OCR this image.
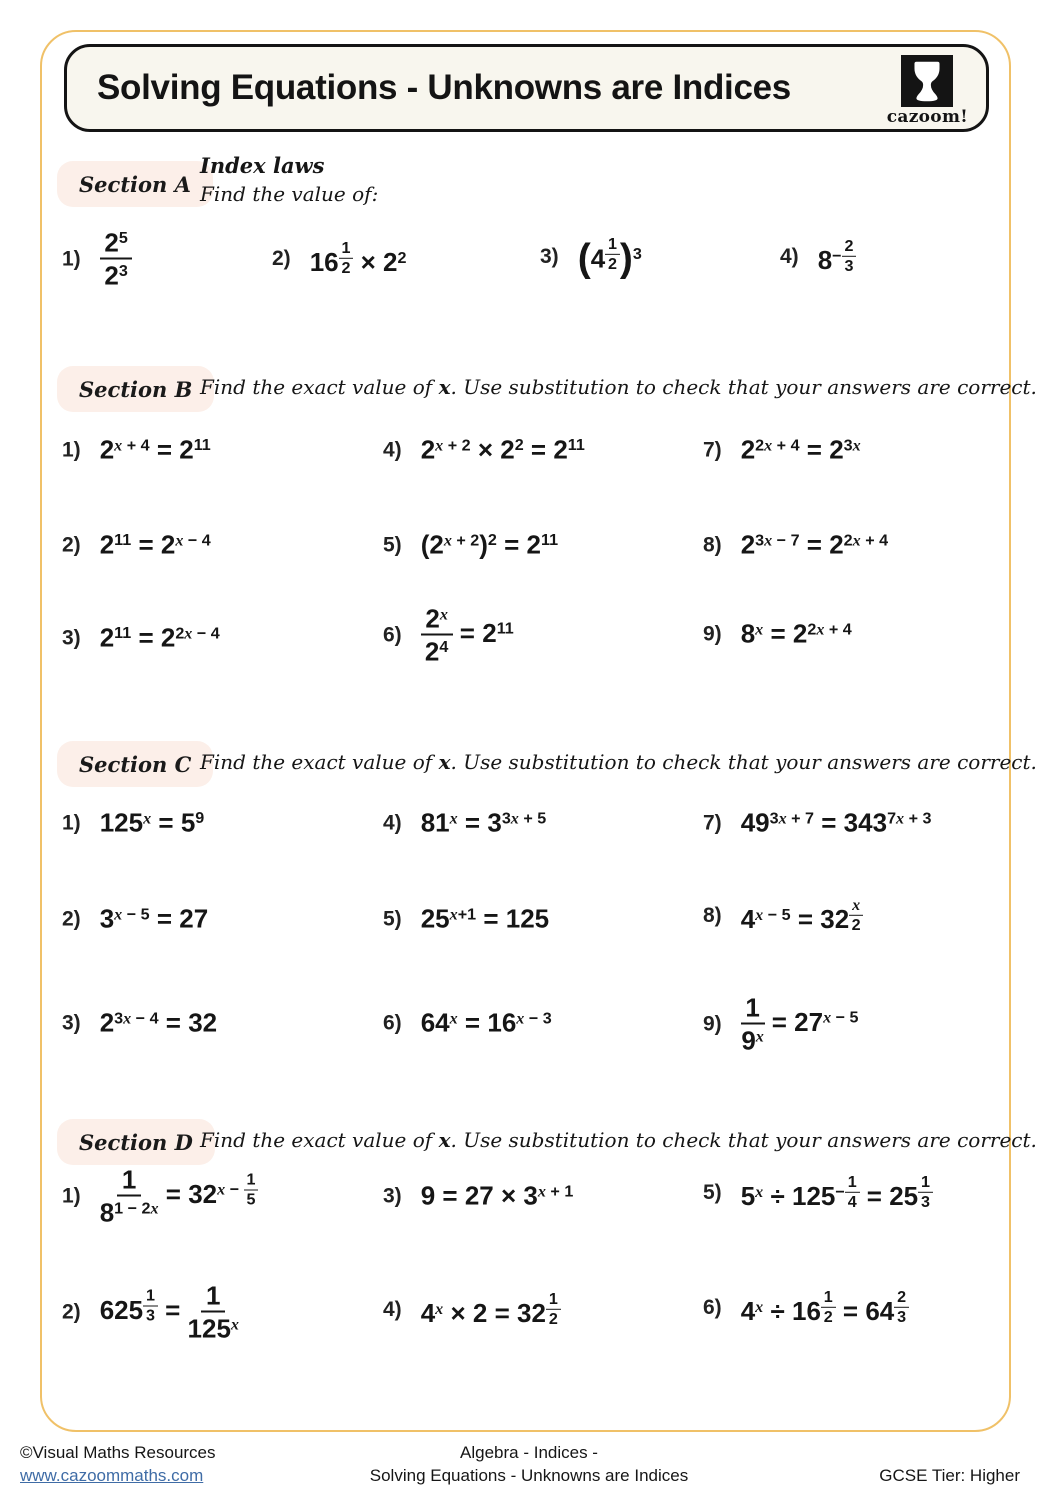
Solving Equations - Unknowns are Indices
cazoom!
Section A
Index laws
Find the value of:
$1) \frac{2^5}{2^3}$	2) 16 $^{\frac{1}{2}} \times 2^2$	3) (4 $^{\frac{1}{2}}$ )$^3$	4) $8^{- \frac{2}{3}}$
Section B Find the exact value of x. Use substitution to check that your answers are correct.
1) $2^{x + 4} = 2^{11}$	4) $2^{x + 2} \times 2^2 = 2^{11}$	7) $2^{2x + 4} = 2^{3x}$
2) $2^{11} = 2^{x - 4}$	5) $(2^{x + 2})^2 = 2^{11}$	8) $2^{3x - 7} = 2^{2x + 4}$
3) $2^{11} = 2^{2x - 4}$	$6) \frac{2^x}{2^4} = 2^{11}$	9) $8^x = 2^{2x + 4}$
Section C Find the exact value of x. Use substitution to check that your answers are correct.
1) $125^x = 5^9$	4) $81^x = 3^{3x + 5}$	7) $49^{3x + 7} = 343^{7x + 3}$
2) $3^{x - 5} = 27$	5) $25^{x+1} = 125$	8) $4^{x - 5} = 32$ $^{\frac{x}{2}}$
3) $2^{3x - 4} = 32$	6) $64^x = 16^{x - 3}$	$9) \frac{1}{9^x} = 27^{x - 5}$
Section D Find the exact value of x. Use substitution to check that your answers are correct.
$1) \frac{1}{8^{1 - 2x}} = 32^{x - \frac{1}{5}}$	3) $9 = 27 \times 3^{x + 1}$	5) $5^x \div 125^{- \frac{1}{4}} = 25$ $^{\frac{1}{3}}$
2) 625 $^{\frac{1}{3}} = \frac{1}{125^x}$	4) $4^x \times 2 = 32$ $^{\frac{1}{2}}$	6) $4^x \div 16$ $^{\frac{1}{2}}$ = 64 $^{\frac{2}{3}}$
©Visual Maths Resources
www.cazoommaths.com
Algebra - Indices -
Solving Equations - Unknowns are Indices	GCSE Tier: Higher
